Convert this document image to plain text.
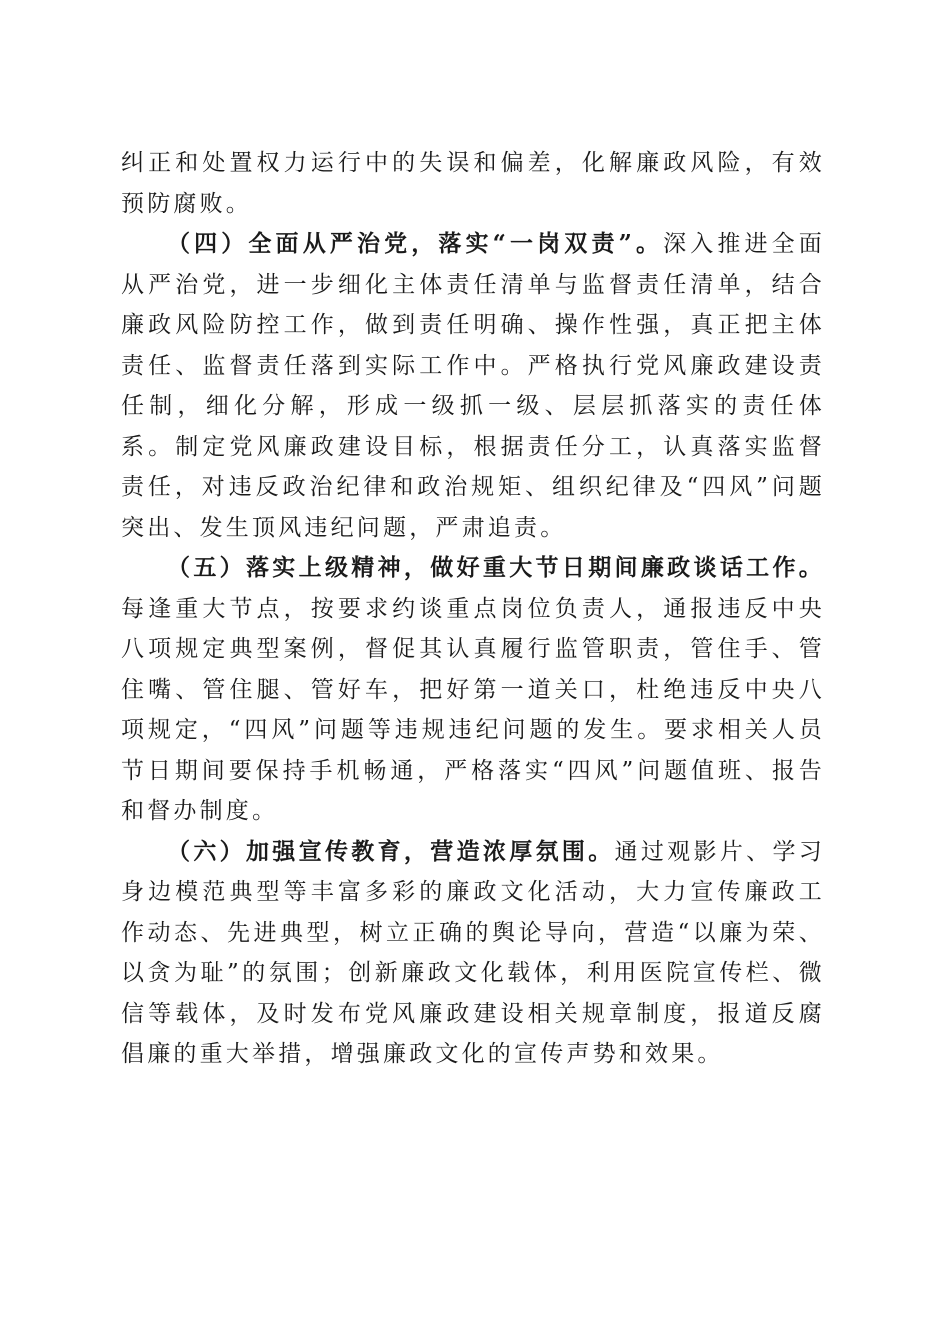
纠正和处置权力运行中的失误和偏差，化解廉政风险，有效预防腐败。

（四）全面从严治党，落实“一岗双责”。深入推进全面从严治党，进一步细化主体责任清单与监督责任清单，结合廉政风险防控工作，做到责任明确、操作性强，真正把主体责任、监督责任落到实际工作中。严格执行党风廉政建设责任制，细化分解，形成一级抓一级、层层抓落实的责任体系。制定党风廉政建设目标，根据责任分工，认真落实监督责任，对违反政治纪律和政治规矩、组织纪律及“四风”问题突出、发生顶风违纪问题，严肃追责。

（五）落实上级精神，做好重大节日期间廉政谈话工作。每逢重大节点，按要求约谈重点岗位负责人，通报违反中央八项规定典型案例，督促其认真履行监管职责，管住手、管住嘴、管住腿、管好车，把好第一道关口，杜绝违反中央八项规定，“四风”问题等违规违纪问题的发生。要求相关人员节日期间要保持手机畅通，严格落实“四风”问题值班、报告和督办制度。

（六）加强宣传教育，营造浓厚氛围。通过观影片、学习身边模范典型等丰富多彩的廉政文化活动，大力宣传廉政工作动态、先进典型，树立正确的舆论导向，营造“以廉为荣、以贪为耻”的氛围；创新廉政文化载体，利用医院宣传栏、微信等载体，及时发布党风廉政建设相关规章制度，报道反腐倡廉的重大举措，增强廉政文化的宣传声势和效果。
